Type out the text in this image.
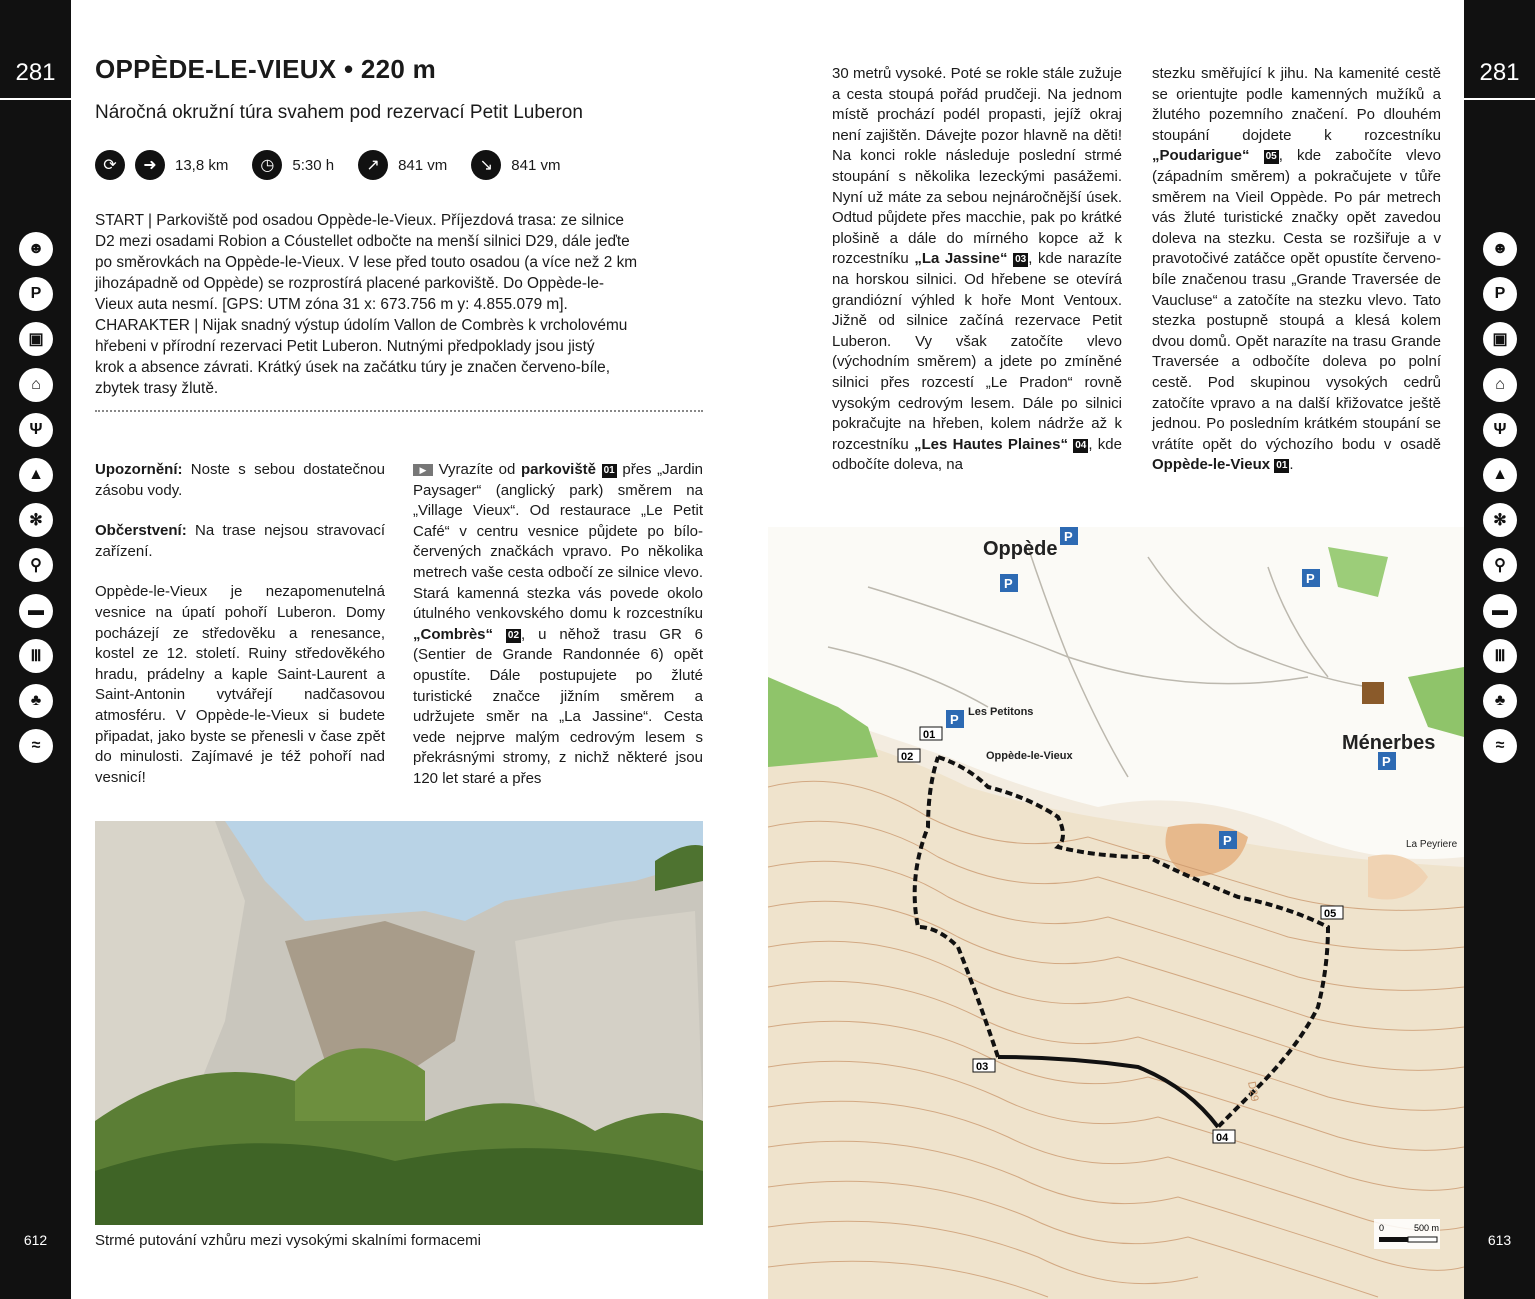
281
☻
P
▣
⌂
Ψ
▲
✻
⚲
▬
Ⅲ
♣
≈
612
281
☻
P
▣
⌂
Ψ
▲
✻
⚲
▬
Ⅲ
♣
≈
613
OPPÈDE-LE-VIEUX • 220 m
Náročná okružní túra svahem pod rezervací Petit Luberon
⟳	➜	13,8 km	◷	5:30 h	↗	841 vm	↘	841 vm
START | Parkoviště pod osadou Oppède-le-Vieux. Příjezdová trasa: ze silnice
D2 mezi osadami Robion a Cóustellet odbočte na menší silnici D29, dále jeďte
po směrovkách na Oppède-le-Vieux. V lese před touto osadou (a více než 2 km
jihozápadně od Oppède) se rozprostírá placené parkoviště. Do Oppède-le-
Vieux auta nesmí. [GPS: UTM zóna 31 x: 673.756 m y: 4.855.079 m].
CHARAKTER | Nijak snadný výstup údolím Vallon de Combrès k vrcholovému
hřebeni v přírodní rezervaci Petit Luberon. Nutnými předpoklady jsou jistý
krok a absence závrati. Krátký úsek na začátku túry je značen červeno-bíle,
zbytek trasy žlutě.

Upozornění: Noste s sebou dostatečnou zásobu vody.

Občerstvení: Na trase nejsou stravovací zařízení.

Oppède-le-Vieux je nezapomenutelná vesnice na úpatí pohoří Luberon. Domy pocházejí ze středověku a renesance, kostel ze 12. století. Ruiny středověkého hradu, prádelny a kaple Saint-Laurent a Saint-Antonin vytvářejí nadčasovou atmosféru. V Oppède-le-Vieux si budete připadat, jako byste se přenesli v čase zpět do minulosti. Zajímavé je též pohoří nad vesnicí!

▶ Vyrazíte od parkoviště 01 přes „Jardin Paysager“ (anglický park) směrem na „Village Vieux“. Od restaurace „Le Petit Café“ v centru vesnice půjdete po bílo-červených značkách vpravo. Po několika metrech vaše cesta odbočí ze silnice vlevo. Stará kamenná stezka vás povede okolo útulného venkovského domu k rozcestníku „Combrès“ 02 , u něhož trasu GR 6 (Sentier de Grande Randonnée 6) opět opustíte. Dále postupujete po žluté turistické značce jižním směrem a udržujete směr na „La Jassine“. Cesta vede nejprve malým cedrovým lesem s překrásnými stromy, z nichž některé jsou 120 let staré a přes

Strmé putování vzhůru mezi vysokými skalními formacemi

30 metrů vysoké. Poté se rokle stále zužuje a cesta stoupá pořád prudčeji. Na jednom místě prochází podél propasti, jejíž okraj není zajištěn. Dávejte pozor hlavně na děti! Na konci rokle následuje poslední strmé stoupání s několika lezeckými pasážemi. Nyní už máte za sebou nejnáročnější úsek. Odtud půjdete přes macchie, pak po krátké plošině a dále do mírného kopce až k rozcestníku „La Jassine“ 03 , kde narazíte na horskou silnici. Od hřebene se otevírá grandiózní výhled k hoře Mont Ventoux. Jižně od silnice začíná rezervace Petit Luberon. Vy však zatočíte vlevo (východním směrem) a jdete po zmíněné silnici přes rozcestí „Le Pradon“ rovně vysokým cedrovým lesem. Dále po silnici pokračujte na hřeben, kolem nádrže až k rozcestníku „Les Hautes Plaines“ 04 , kde odbočíte doleva, na

stezku směřující k jihu. Na kamenité cestě se orientujte podle kamenných mužíků a žlutého pozemního značení. Po dlouhém stoupání dojdete k rozcestníku „Poudarigue“ 05 , kde zabočíte vlevo (západním směrem) a pokračujete v tůře směrem na Vieil Oppède. Po pár metrech vás žluté turistické značky opět zavedou doleva na stezku. Cesta se rozšiřuje a v pravotočivé zatáčce opět opustíte červeno-bíle značenou trasu „Grande Traversée de Vaucluse“ a zatočíte na stezku vlevo. Tato stezka postupně stoupá a klesá kolem dvou domů. Opět narazíte na trasu Grande Traversée a odbočíte doleva po polní cestě. Pod skupinou vysokých cedrů zatočíte vpravo a na další křižovatce ještě jednou. Po posledním krátkém stoupání se vrátíte opět do výchozího bodu v osadě Oppède-le-Vieux 01 .

P
P	P
P
P
P
Oppède
Les Petitons
Oppède-le-Vieux
Ménerbes
La Peyriere
D29
01
02
03
04
05
0	500 m
